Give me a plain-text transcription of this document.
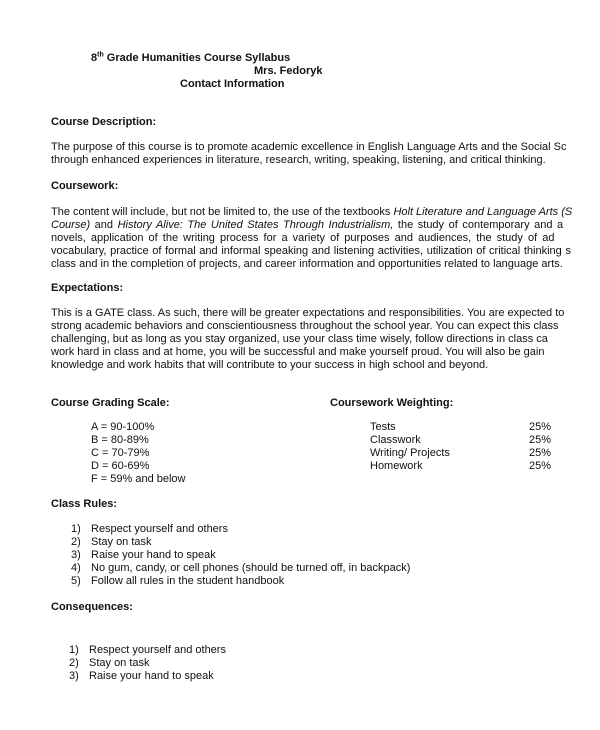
8th Grade Humanities Course Syllabus
Mrs. Fedoryk
Contact Information
Course Description:
The purpose of this course is to promote academic excellence in English Language Arts and the Social Sc
through enhanced experiences in literature, research, writing, speaking, listening, and critical thinking.
Coursework:
The content will include, but not be limited to, the use of the textbooks Holt Literature and Language Arts (S
Course) and History Alive: The United States Through Industrialism, the study of contemporary and a
novels, application of the writing process for a variety of purposes and audiences, the study of ad
vocabulary, practice of formal and informal speaking and listening activities, utilization of critical thinking s
class and in the completion of projects, and career information and opportunities related to language arts.
Expectations:
This is a GATE class. As such, there will be greater expectations and responsibilities. You are expected to
strong academic behaviors and conscientiousness throughout the school year. You can expect this class
challenging, but as long as you stay organized, use your class time wisely, follow directions in class ca
work hard in class and at home, you will be successful and make yourself proud. You will also be gain
knowledge and work habits that will contribute to your success in high school and beyond.
Course Grading Scale:
A = 90-100%
B = 80-89%
C = 70-79%
D = 60-69%
F = 59% and below
Coursework Weighting:
Tests	25%
Classwork	25%
Writing/ Projects	25%
Homework	25%
Class Rules:
1) Respect yourself and others
2) Stay on task
3) Raise your hand to speak
4) No gum, candy, or cell phones (should be turned off, in backpack)
5) Follow all rules in the student handbook
Consequences:
1) Respect yourself and others
2) Stay on task
3) Raise your hand to speak
